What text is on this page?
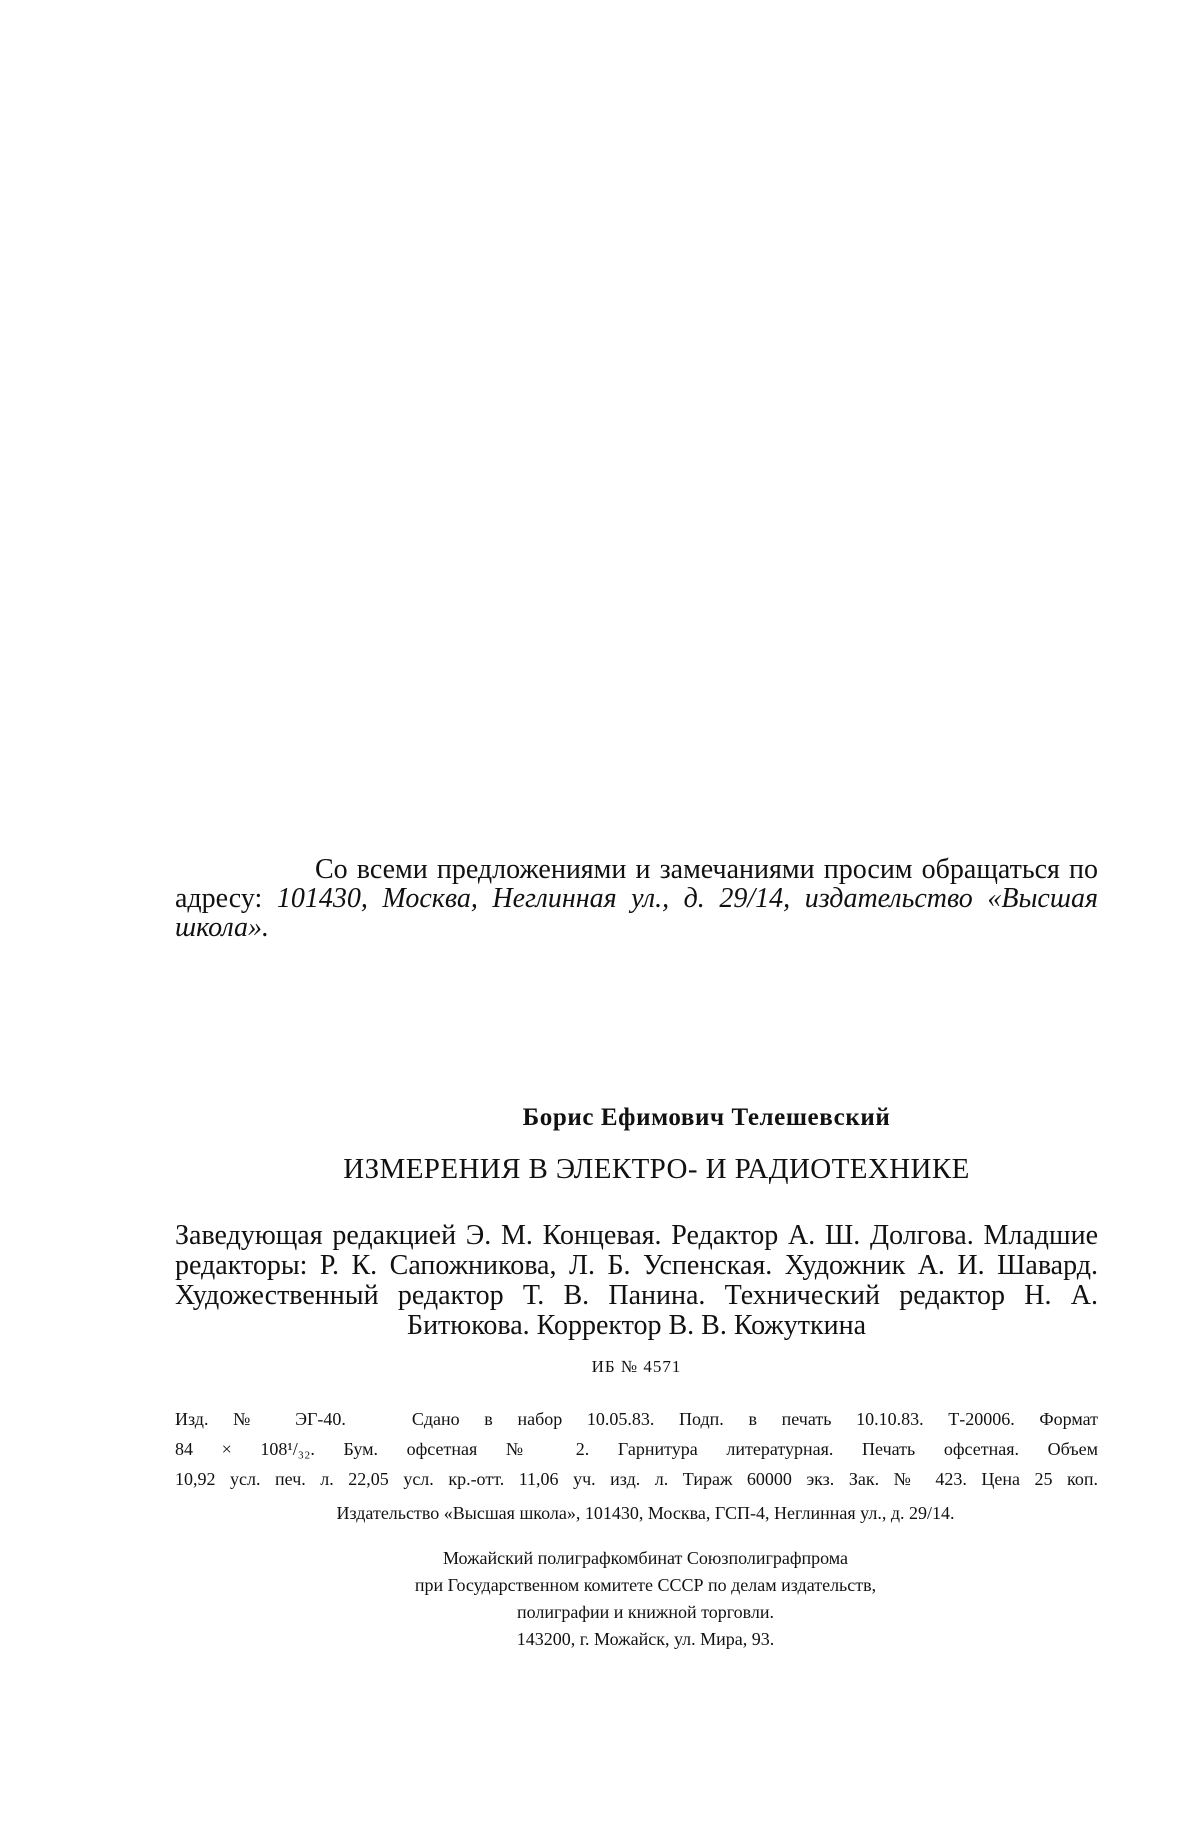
Со всеми предложениями и замечаниями просим обращаться по адресу: 101430, Москва, Неглинная ул., д. 29/14, издательство «Высшая школа».

Борис Ефимович Телешевский

ИЗМЕРЕНИЯ В ЭЛЕКТРО- И РАДИОТЕХНИКЕ

Заведующая редакцией Э. М. Концевая. Редактор А. Ш. Долгова. Младшие редакторы: Р. К. Сапожникова, Л. Б. Успенская. Художник А. И. Шавард. Художественный редактор Т. В. Панина. Технический редактор Н. А. Битюкова. Корректор В. В. Кожуткина

ИБ № 4571

Изд. № ЭГ-40.	Сдано в набор 10.05.83. Подп. в печать 10.10.83. Т-20006. Формат
84 × 108¹/₃₂. Бум. офсетная № 2. Гарнитура литературная. Печать офсетная. Объем
10,92 усл. печ. л. 22,05 усл. кр.-отт. 11,06 уч. изд. л. Тираж 60000 экз. Зак. № 423. Цена 25 коп.

Издательство «Высшая школа», 101430, Москва, ГСП-4, Неглинная ул., д. 29/14.

Можайский полиграфкомбинат Союзполиграфпрома
при Государственном комитете СССР по делам издательств,
полиграфии и книжной торговли.
143200, г. Можайск, ул. Мира, 93.
